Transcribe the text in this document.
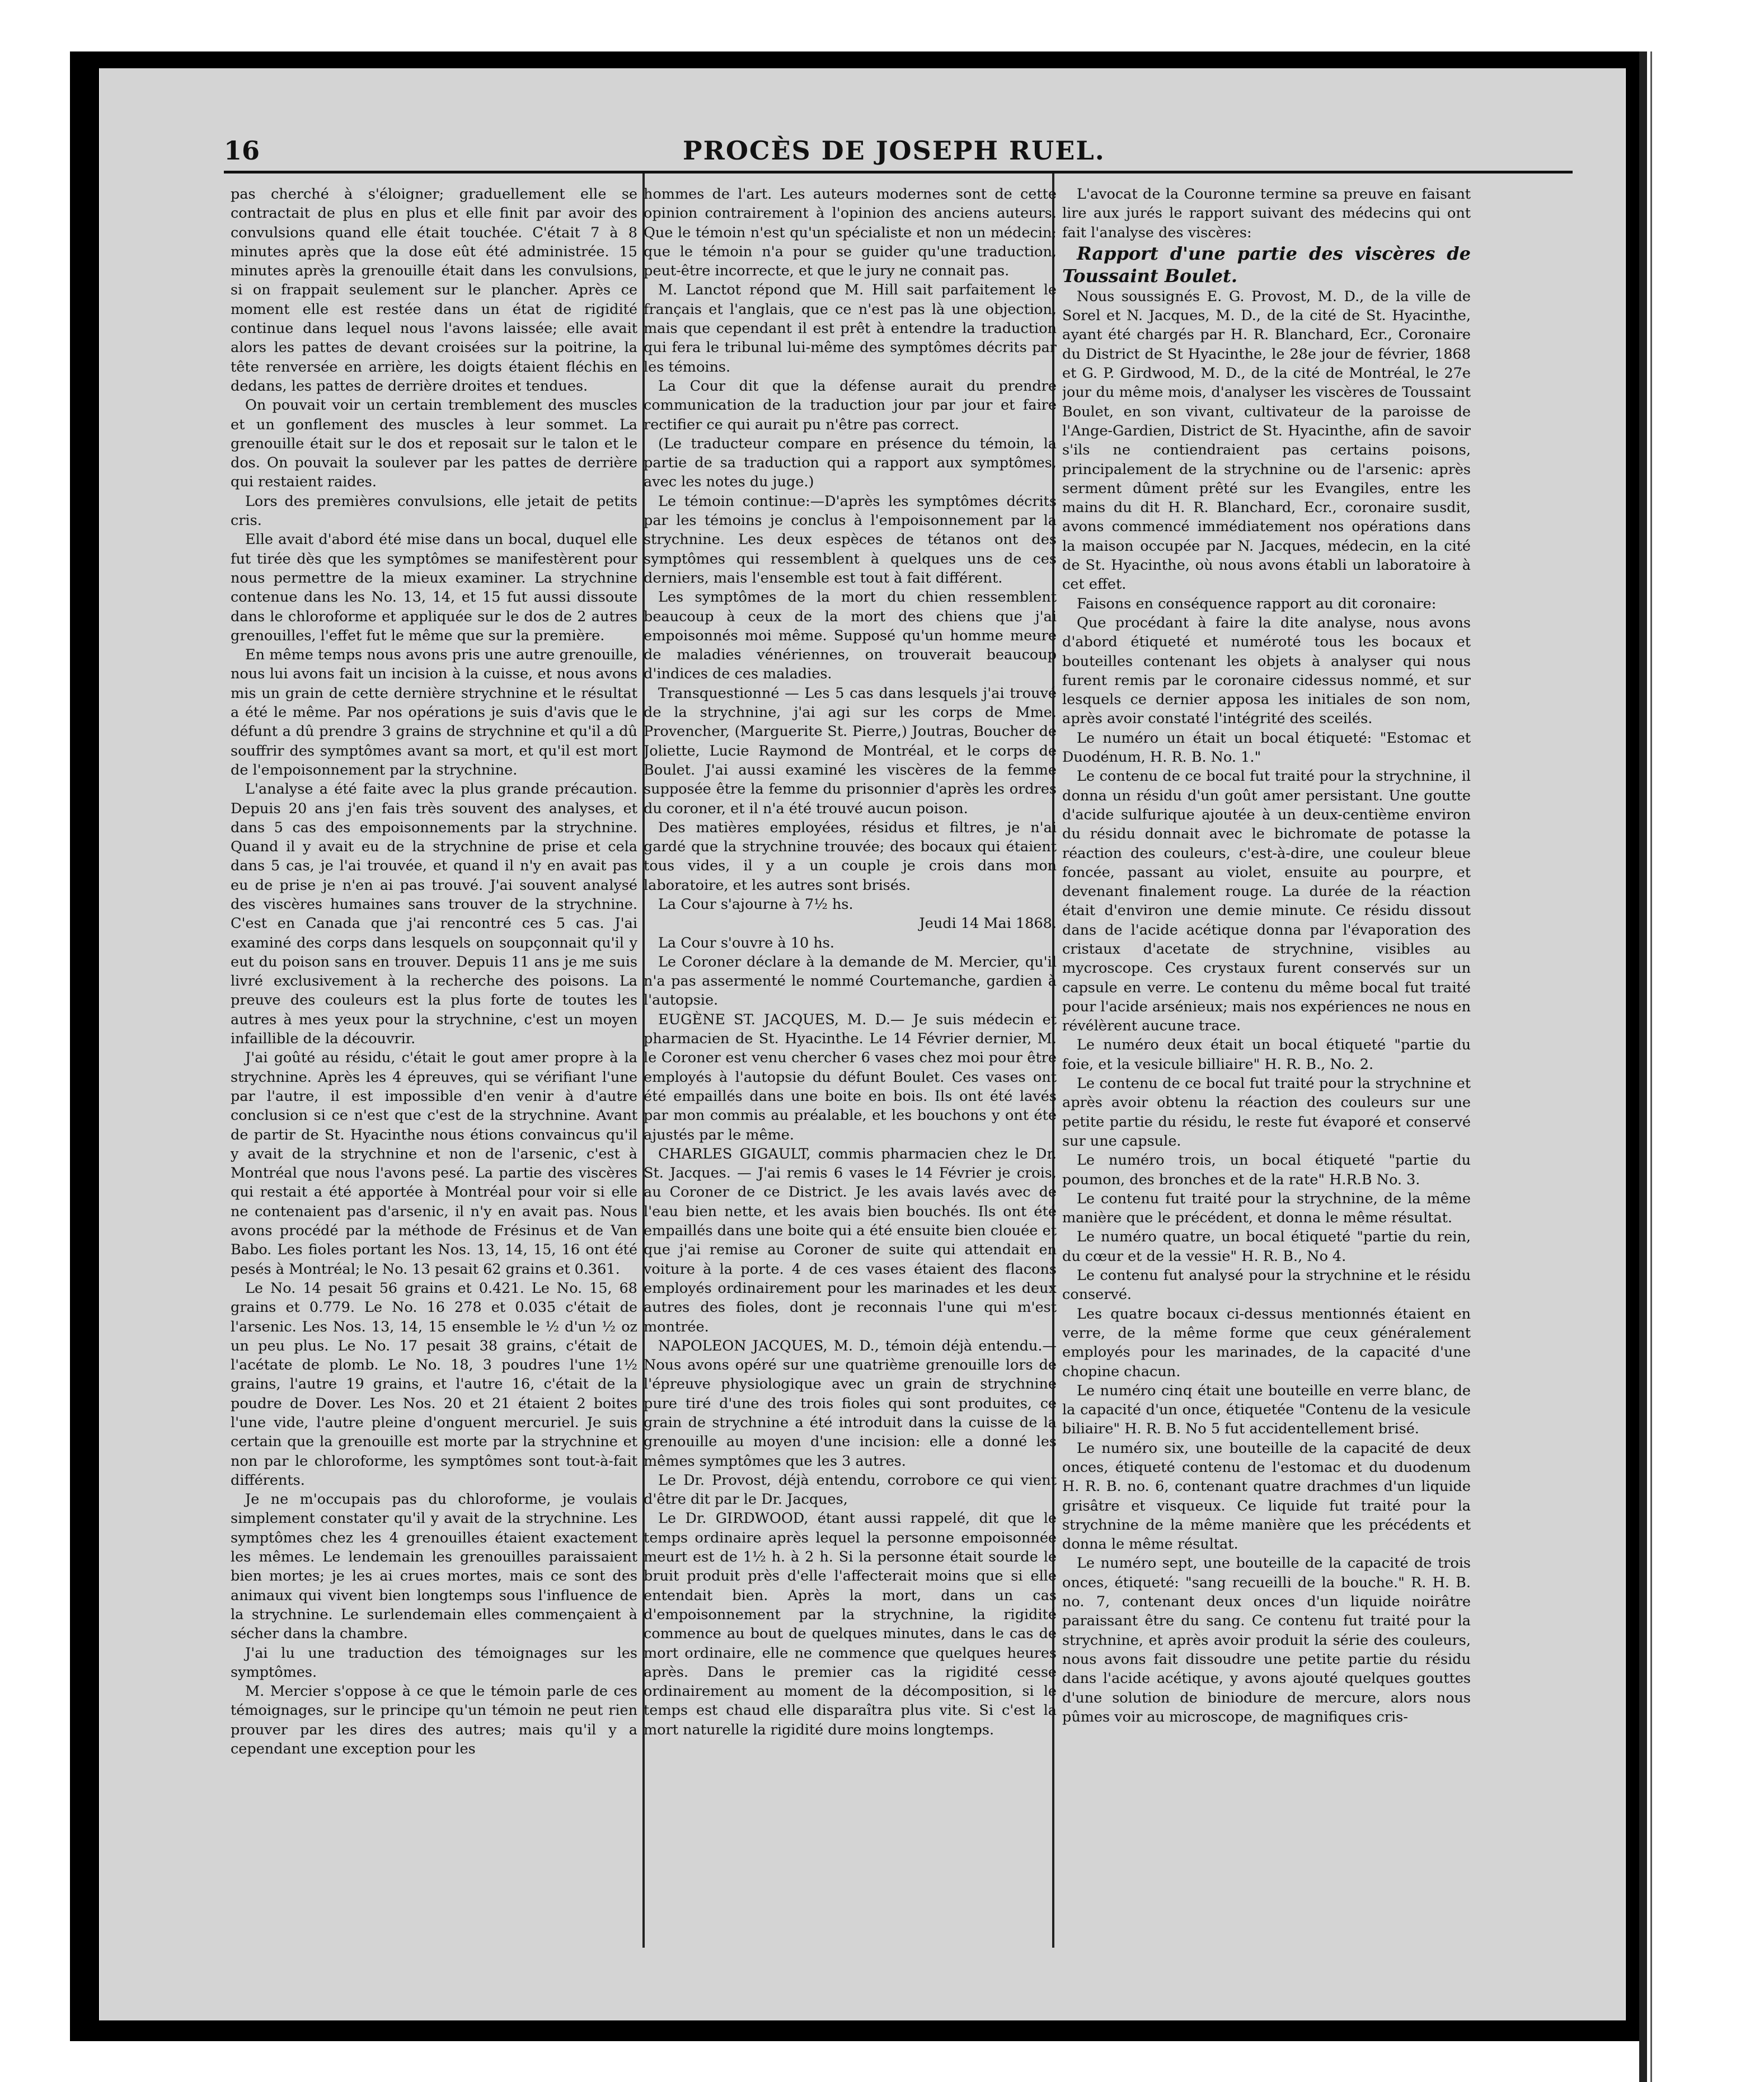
16	PROCÈS DE JOSEPH RUEL.

pas cherché à s'éloigner; graduellement elle se contractait de plus en plus et elle finit par avoir des convulsions quand elle était touchée. C'était 7 à 8 minutes après que la dose eût été administrée. 15 minutes après la grenouille était dans les convulsions, si on frappait seulement sur le plancher. Après ce moment elle est restée dans un état de rigidité continue dans lequel nous l'avons laissée; elle avait alors les pattes de devant croisées sur la poitrine, la tête renversée en arrière, les doigts étaient fléchis en dedans, les pattes de derrière droites et tendues.

On pouvait voir un certain tremblement des muscles et un gonflement des muscles à leur sommet. La grenouille était sur le dos et reposait sur le talon et le dos. On pouvait la soulever par les pattes de derrière qui restaient raides.

Lors des premières convulsions, elle jetait de petits cris.

Elle avait d'abord été mise dans un bocal, duquel elle fut tirée dès que les symptômes se manifestèrent pour nous permettre de la mieux examiner. La strychnine contenue dans les No. 13, 14, et 15 fut aussi dissoute dans le chloroforme et appliquée sur le dos de 2 autres grenouilles, l'effet fut le même que sur la première.

En même temps nous avons pris une autre grenouille, nous lui avons fait un incision à la cuisse, et nous avons mis un grain de cette dernière strychnine et le résultat a été le même. Par nos opérations je suis d'avis que le défunt a dû prendre 3 grains de strychnine et qu'il a dû souffrir des symptômes avant sa mort, et qu'il est mort de l'empoisonnement par la strychnine.

L'analyse a été faite avec la plus grande précaution. Depuis 20 ans j'en fais très souvent des analyses, et dans 5 cas des empoisonnements par la strychnine. Quand il y avait eu de la strychnine de prise et cela dans 5 cas, je l'ai trouvée, et quand il n'y en avait pas eu de prise je n'en ai pas trouvé. J'ai souvent analysé des viscères humaines sans trouver de la strychnine. C'est en Canada que j'ai rencontré ces 5 cas. J'ai examiné des corps dans lesquels on soupçonnait qu'il y eut du poison sans en trouver. Depuis 11 ans je me suis livré exclusivement à la recherche des poisons. La preuve des couleurs est la plus forte de toutes les autres à mes yeux pour la strychnine, c'est un moyen infaillible de la découvrir.

J'ai goûté au résidu, c'était le gout amer propre à la strychnine. Après les 4 épreuves, qui se vérifiant l'une par l'autre, il est impossible d'en venir à d'autre conclusion si ce n'est que c'est de la strychnine. Avant de partir de St. Hyacinthe nous étions convaincus qu'il y avait de la strychnine et non de l'arsenic, c'est à Montréal que nous l'avons pesé. La partie des viscères qui restait a été apportée à Montréal pour voir si elle ne contenaient pas d'arsenic, il n'y en avait pas. Nous avons procédé par la méthode de Frésinus et de Van Babo. Les fioles portant les Nos. 13, 14, 15, 16 ont été pesés à Montréal; le No. 13 pesait 62 grains et 0.361.

Le No. 14 pesait 56 grains et 0.421. Le No. 15, 68 grains et 0.779. Le No. 16 278 et 0.035 c'était de l'arsenic. Les Nos. 13, 14, 15 ensemble le ½ d'un ½ oz un peu plus. Le No. 17 pesait 38 grains, c'était de l'acétate de plomb. Le No. 18, 3 poudres l'une 1½ grains, l'autre 19 grains, et l'autre 16, c'était de la poudre de Dover. Les Nos. 20 et 21 étaient 2 boites l'une vide, l'autre pleine d'onguent mercuriel. Je suis certain que la grenouille est morte par la strychnine et non par le chloroforme, les symptômes sont tout-à-fait différents.

Je ne m'occupais pas du chloroforme, je voulais simplement constater qu'il y avait de la strychnine. Les symptômes chez les 4 grenouilles étaient exactement les mêmes. Le lendemain les grenouilles paraissaient bien mortes; je les ai crues mortes, mais ce sont des animaux qui vivent bien longtemps sous l'influence de la strychnine. Le surlendemain elles commençaient à sécher dans la chambre.

J'ai lu une traduction des témoignages sur les symptômes.

M. Mercier s'oppose à ce que le témoin parle de ces témoignages, sur le principe qu'un témoin ne peut rien prouver par les dires des autres; mais qu'il y a cependant une exception pour les

hommes de l'art. Les auteurs modernes sont de cette opinion contrairement à l'opinion des anciens auteurs. Que le témoin n'est qu'un spécialiste et non un médecin; que le témoin n'a pour se guider qu'une traduction, peut-être incorrecte, et que le jury ne connait pas.

M. Lanctot répond que M. Hill sait parfaitement le français et l'anglais, que ce n'est pas là une objection, mais que cependant il est prêt à entendre la traduction qui fera le tribunal lui-même des symptômes décrits par les témoins.

La Cour dit que la défense aurait du prendre communication de la traduction jour par jour et faire rectifier ce qui aurait pu n'être pas correct.

(Le traducteur compare en présence du témoin, la partie de sa traduction qui a rapport aux symptômes, avec les notes du juge.)

Le témoin continue:—D'après les symptômes décrits par les témoins je conclus à l'empoisonnement par la strychnine. Les deux espèces de tétanos ont des symptômes qui ressemblent à quelques uns de ces derniers, mais l'ensemble est tout à fait différent.

Les symptômes de la mort du chien ressemblent beaucoup à ceux de la mort des chiens que j'ai empoisonnés moi même. Supposé qu'un homme meure de maladies vénériennes, on trouverait beaucoup d'indices de ces maladies.

Transquestionné — Les 5 cas dans lesquels j'ai trouvé de la strychnine, j'ai agi sur les corps de Mme. Provencher, (Marguerite St. Pierre,) Joutras, Boucher de Joliette, Lucie Raymond de Montréal, et le corps de Boulet. J'ai aussi examiné les viscères de la femme supposée être la femme du prisonnier d'après les ordres du coroner, et il n'a été trouvé aucun poison.

Des matières employées, résidus et filtres, je n'ai gardé que la strychnine trouvée; des bocaux qui étaient tous vides, il y a un couple je crois dans mon laboratoire, et les autres sont brisés.

La Cour s'ajourne à 7½ hs.

Jeudi 14 Mai 1868.

La Cour s'ouvre à 10 hs.

Le Coroner déclare à la demande de M. Mercier, qu'il n'a pas assermenté le nommé Courtemanche, gardien à l'autopsie.

EUGÈNE ST. JACQUES, M. D.— Je suis médecin et pharmacien de St. Hyacinthe. Le 14 Février dernier, M. le Coroner est venu chercher 6 vases chez moi pour être employés à l'autopsie du défunt Boulet. Ces vases ont été empaillés dans une boite en bois. Ils ont été lavés par mon commis au préalable, et les bouchons y ont été ajustés par le même.

CHARLES GIGAULT, commis pharmacien chez le Dr. St. Jacques. — J'ai remis 6 vases le 14 Février je crois, au Coroner de ce District. Je les avais lavés avec de l'eau bien nette, et les avais bien bouchés. Ils ont été empaillés dans une boite qui a été ensuite bien clouée et que j'ai remise au Coroner de suite qui attendait en voiture à la porte. 4 de ces vases étaient des flacons employés ordinairement pour les marinades et les deux autres des fioles, dont je reconnais l'une qui m'est montrée.

NAPOLEON JACQUES, M. D., témoin déjà entendu.—Nous avons opéré sur une quatrième grenouille lors de l'épreuve physiologique avec un grain de strychnine pure tiré d'une des trois fioles qui sont produites, ce grain de strychnine a été introduit dans la cuisse de la grenouille au moyen d'une incision: elle a donné les mêmes symptômes que les 3 autres.

Le Dr. Provost, déjà entendu, corrobore ce qui vient d'être dit par le Dr. Jacques,

Le Dr. GIRDWOOD, étant aussi rappelé, dit que le temps ordinaire après lequel la personne empoisonnée meurt est de 1½ h. à 2 h. Si la personne était sourde le bruit produit près d'elle l'affecterait moins que si elle entendait bien. Après la mort, dans un cas d'empoisonnement par la strychnine, la rigidité commence au bout de quelques minutes, dans le cas de mort ordinaire, elle ne commence que quelques heures après. Dans le premier cas la rigidité cesse ordinairement au moment de la décomposition, si le temps est chaud elle disparaîtra plus vite. Si c'est la mort naturelle la rigidité dure moins longtemps.

L'avocat de la Couronne termine sa preuve en faisant lire aux jurés le rapport suivant des médecins qui ont fait l'analyse des viscères:

Rapport d'une partie des viscères de Toussaint Boulet.

Nous soussignés E. G. Provost, M. D., de la ville de Sorel et N. Jacques, M. D., de la cité de St. Hyacinthe, ayant été chargés par H. R. Blanchard, Ecr., Coronaire du District de St Hyacinthe, le 28e jour de février, 1868 et G. P. Girdwood, M. D., de la cité de Montréal, le 27e jour du même mois, d'analyser les viscères de Toussaint Boulet, en son vivant, cultivateur de la paroisse de l'Ange-Gardien, District de St. Hyacinthe, afin de savoir s'ils ne contiendraient pas certains poisons, principalement de la strychnine ou de l'arsenic: après serment dûment prêté sur les Evangiles, entre les mains du dit H. R. Blanchard, Ecr., coronaire susdit, avons commencé immédiatement nos opérations dans la maison occupée par N. Jacques, médecin, en la cité de St. Hyacinthe, où nous avons établi un laboratoire à cet effet.

Faisons en conséquence rapport au dit coronaire:

Que procédant à faire la dite analyse, nous avons d'abord étiqueté et numéroté tous les bocaux et bouteilles contenant les objets à analyser qui nous furent remis par le coronaire cidessus nommé, et sur lesquels ce dernier apposa les initiales de son nom, après avoir constaté l'intégrité des sceilés.

Le numéro un était un bocal étiqueté: "Estomac et Duodénum, H. R. B. No. 1."

Le contenu de ce bocal fut traité pour la strychnine, il donna un résidu d'un goût amer persistant. Une goutte d'acide sulfurique ajoutée à un deux-centième environ du résidu donnait avec le bichromate de potasse la réaction des couleurs, c'est-à-dire, une couleur bleue foncée, passant au violet, ensuite au pourpre, et devenant finalement rouge. La durée de la réaction était d'environ une demie minute. Ce résidu dissout dans de l'acide acétique donna par l'évaporation des cristaux d'acetate de strychnine, visibles au mycroscope. Ces crystaux furent conservés sur un capsule en verre. Le contenu du même bocal fut traité pour l'acide arsénieux; mais nos expériences ne nous en révélèrent aucune trace.

Le numéro deux était un bocal étiqueté "partie du foie, et la vesicule billiaire" H. R. B., No. 2.

Le contenu de ce bocal fut traité pour la strychnine et après avoir obtenu la réaction des couleurs sur une petite partie du résidu, le reste fut évaporé et conservé sur une capsule.

Le numéro trois, un bocal étiqueté "partie du poumon, des bronches et de la rate" H.R.B No. 3.

Le contenu fut traité pour la strychnine, de la même manière que le précédent, et donna le même résultat.

Le numéro quatre, un bocal étiqueté "partie du rein, du cœur et de la vessie" H. R. B., No 4.

Le contenu fut analysé pour la strychnine et le résidu conservé.

Les quatre bocaux ci-dessus mentionnés étaient en verre, de la même forme que ceux généralement employés pour les marinades, de la capacité d'une chopine chacun.

Le numéro cinq était une bouteille en verre blanc, de la capacité d'un once, étiquetée "Contenu de la vesicule biliaire" H. R. B. No 5 fut accidentellement brisé.

Le numéro six, une bouteille de la capacité de deux onces, étiqueté contenu de l'estomac et du duodenum H. R. B. no. 6, contenant quatre drachmes d'un liquide grisâtre et visqueux. Ce liquide fut traité pour la strychnine de la même manière que les précédents et donna le même résultat.

Le numéro sept, une bouteille de la capacité de trois onces, étiqueté: "sang recueilli de la bouche." R. H. B. no. 7, contenant deux onces d'un liquide noirâtre paraissant être du sang. Ce contenu fut traité pour la strychnine, et après avoir produit la série des couleurs, nous avons fait dissoudre une petite partie du résidu dans l'acide acétique, y avons ajouté quelques gouttes d'une solution de biniodure de mercure, alors nous pûmes voir au microscope, de magnifiques cris-
